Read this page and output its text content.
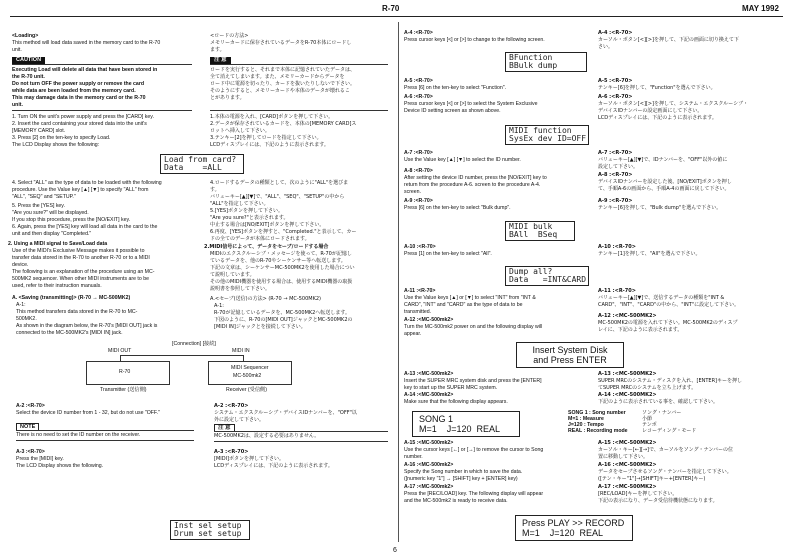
R-70	MAY 1992
<Loading>
This method will load data saved in the memory card to the R-70
unit.
CAUTION
Executing Load will delete all data that have been stored in
the R-70 unit.
Do not turn OFF the power supply or remove the card
while data are been loaded from the memory card.
This may damage data in the memory card or the R-70
unit.
1. Turn ON the unit's power supply and press the [CARD] key.
2. Insert the card containing your stored data into the unit's
[MEMORY CARD] slot.
3. Press [2] on the ten-key to specify Load.
The LCD Display shows the following:
Load from card?
Data    =ALL
4. Select "ALL" as the type of data to be loaded with the following
procedure. Use the Value key [▲] [▼] to specify "ALL" from
"ALL", "SEQ" and "SETUP."
5. Press the [YES] key.
"Are you sure?" will be displayed.
If you stop this procedure, press the [NO/EXIT] key.
6. Again, press the [YES] key will load all data in the card to the
unit and then display "Completed."
2. Using a MIDI signal to Save/Load data
Use of the MIDI's Exclusive Message makes it possible to
transfer data stored in the R-70 to another R-70 or to a MIDI
device.
The following is an explanation of the procedure using an MC-
500MK2 sequencer. When other MIDI instruments are to be
used, refer to their instruction manuals.
A. <Saving (transmitting)> (R-70 → MC-500MK2)
A-1:
This method transfers data stored in the R-70 to MC-
500MK2.
As shown in the diagram below, the R-70's [MIDI OUT] jack is
connected to the MC-500MK2's [MIDI IN] jack.
[Connection] [接続]
MIDI OUT	MIDI IN
R-70
MIDI Sequencer
MC-500mk2
Transmitter (送信側)	Receiver (受信側)
A-2 :<R-70>
Select the device ID number from 1 - 32, but do not use "OFF."
NOTE
There is no need to set the ID number on the receiver.
A-3 :<R-70>
Press the [MIDI] key.
The LCD Display shows the following.
Inst sel setup
Drum set setup
<ロードの方法>
メモリーカードに保存されているデータをR-70本体にロードし
ます。
注 意
ロードを実行すると、それまで本体に記憶されていたデータは、
全て消えてしまいます。また、メモリーカードからデータを
ロード中に電源を切ったり、カードを抜いたりしないで下さい。
そのようにすると、メモリーカードや本体のデータが壊れるこ
とがあります。
1.本体の電源を入れ、[CARD]ボタンを押して下さい。
2.データが保存されているカードを、本体の[MEMORY CARD]ス
ロットへ挿入して下さい。
3.テンキー[2]を押してロードを指定して下さい。
LCDディスプレイには、下記のように表示されます。
4.ロードするデータの種類として、次のように"ALL"を選びま
す。
バリューキー[▲][▼]で、"ALL"、"SEQ"、"SETUP"の中から
"ALL"を指定して下さい。
5.[YES]ボタンを押して下さい。
"Are you sure?"と表示されます。
中止する場合は[NO/EXIT]ボタンを押して下さい。
6.再度、[YES]ボタンを押すと、"Completed."と表示して、カー
ドの全てのデータが本体にロードされます。
2.MIDI信号によって、データをセーブ/ロードする場合
MIDIのエクスクルーシブ・メッセージを使って、R-70が記憶し
ているデータを、他のR-70やシーケンサー等へ転送します。
下記の文章は、シーケンサーMC-500MK2を使用した場合につい
て説明しています。
その他のMIDI機器を使用する場合は、使用するMIDI機器の取扱
説明書を参照して下さい。
A.<セーブ(送信)の方法> (R-70 → MC-500MK2)
A-1:
R-70が記憶しているデータを、MC-500MK2へ転送します。
下図のように、R-70の[MIDI OUT]ジャックとMC-500MK2の
[MIDI IN]ジャックとを接続して下さい。
A-2 :<R-70>
システム・エクスクルーシブ・デバイスIDナンバーを、"OFF"以
外に設定して下さい。
注 意
MC-500MK2は、設定する必要はありません。
A-3 :<R-70>
[MIDI]ボタンを押して下さい。
LCDディスプレイには、下記のように表示されます。
A-4 :<R-70>
Press cursor keys [<] or [>] to change to the following screen.
BFunction
BBulk dump
A-5 :<R-70>
Press [6] on the ten-key to select "Function".
A-6 :<R-70>
Press cursor keys [<] or [>] to select the System Exclusive
Device ID setting screen as shown above.
MIDI function
SysEx dev ID=OFF
A-7 :<R-70>
Use the Value key [▲] [▼] to select the ID number.
A-8 :<R-70>
After setting the device ID number, press the [NO/EXIT] key to
return from the procedure A-6. screen to the procedure A-4.
screen.
A-9 :<R-70>
Press [6] on the ten-key to select "Bulk dump".
MIDI bulk
BAll  BSeq
A-10 :<R-70>
Press [1] on the ten-key to select "All".
Dump all?
Data   =INT&CARD
A-11 :<R-70>
Use the Value keys [▲] or [▼] to select "INT" from "INT &
CARD", "INT" and "CARD" as the type of data to be
transmitted.
A-12 :<MC-500mk2>
Turn the MC-500mk2 power on and the following display will
appear.
Insert System Disk
and Press ENTER
A-13 :<MC-500mk2>
Insert the SUPER MRC system disk and press the [ENTER]
key to start up the SUPER MRC system.
A-14 :<MC-500mk2>
Make sure that the following display appears.
SONG 1
M=1    J=120  REAL
SONG 1 : Song number
M=1 : Measure
J=120 : Tempo
REAL : Recording mode
ソング・ナンバー
小節
テンポ
レコーディング・モード
A-15 :<MC-500mk2>
Use the cursor keys [←] or [→] to remove the cursor to Song
number.
A-16 :<MC-500mk2>
Specify the Song number in which to save the data.
([numeric key "1"] → [SHIFT] key + [ENTER] key)
A-17 :<MC-500mk2>
Press the [REC/LOAD] key. The following display will appear
and the MC-500mk2 is ready to receive data.
Press PLAY >> RECORD
M=1    J=120  REAL
A-4 :<R-70>
カーソル・ボタン[<][>]を押して、下記の画面に切り換えて下
さい。
A-5 :<R-70>
テンキー[6]を押して、"Function"を選んで下さい。
A-6 :<R-70>
カーソル・ボタン[<][>]を押して、システム・エクスクルーシブ・
デバイスIDナンバーの設定画面にして下さい。
LCDディスプレイには、下記のように表示されます。
A-7 :<R-70>
バリューキー[▲][▼]で、IDナンバーを、"OFF"以外の値に
設定して下さい。
A-8 :<R-70>
デバイスIDナンバーを設定した後、[NO/EXIT]ボタンを押し
て、手順A-6の画面から、手順A-4の画面に戻して下さい。
A-9 :<R-70>
テンキー[6]を押して、"Bulk dump"を選んで下さい。
A-10 :<R-70>
テンキー[1]を押して、"All"を選んで下さい。
A-11 :<R-70>
バリューキー[▲][▼]で、送信するデータの種類を"INT &
CARD"、"INT"、"CARD"の中から、"INT"に設定して下さい。
A-12 :<MC-500MK2>
MC-500MK2の電源を入れて下さい。MC-500MK2のディスプ
レイに、下記のように表示されます。
A-13 :<MC-500MK2>
SUPER MRCのシステム・ディスクを入れ、[ENTER]キーを押し
てSUPER MRCのシステムを立ち上げます。
A-14 :<MC-500MK2>
下記のように表示されている事を、確認して下さい。
A-15 :<MC-500MK2>
カーソル・キー[←][→]で、カーソルをソング・ナンバーの位
置に移動して下さい。
A-16 :<MC-500MK2>
データをセーブさせるソング・ナンバーを指定して下さい。
([テン・キー"1"]→[SHIFT]キー+[ENTER]キー)
A-17 :<MC-500MK2>
[REC/LOAD]キーを押して下さい。
下記の表示になり、データ受信待機状態になります。
6
